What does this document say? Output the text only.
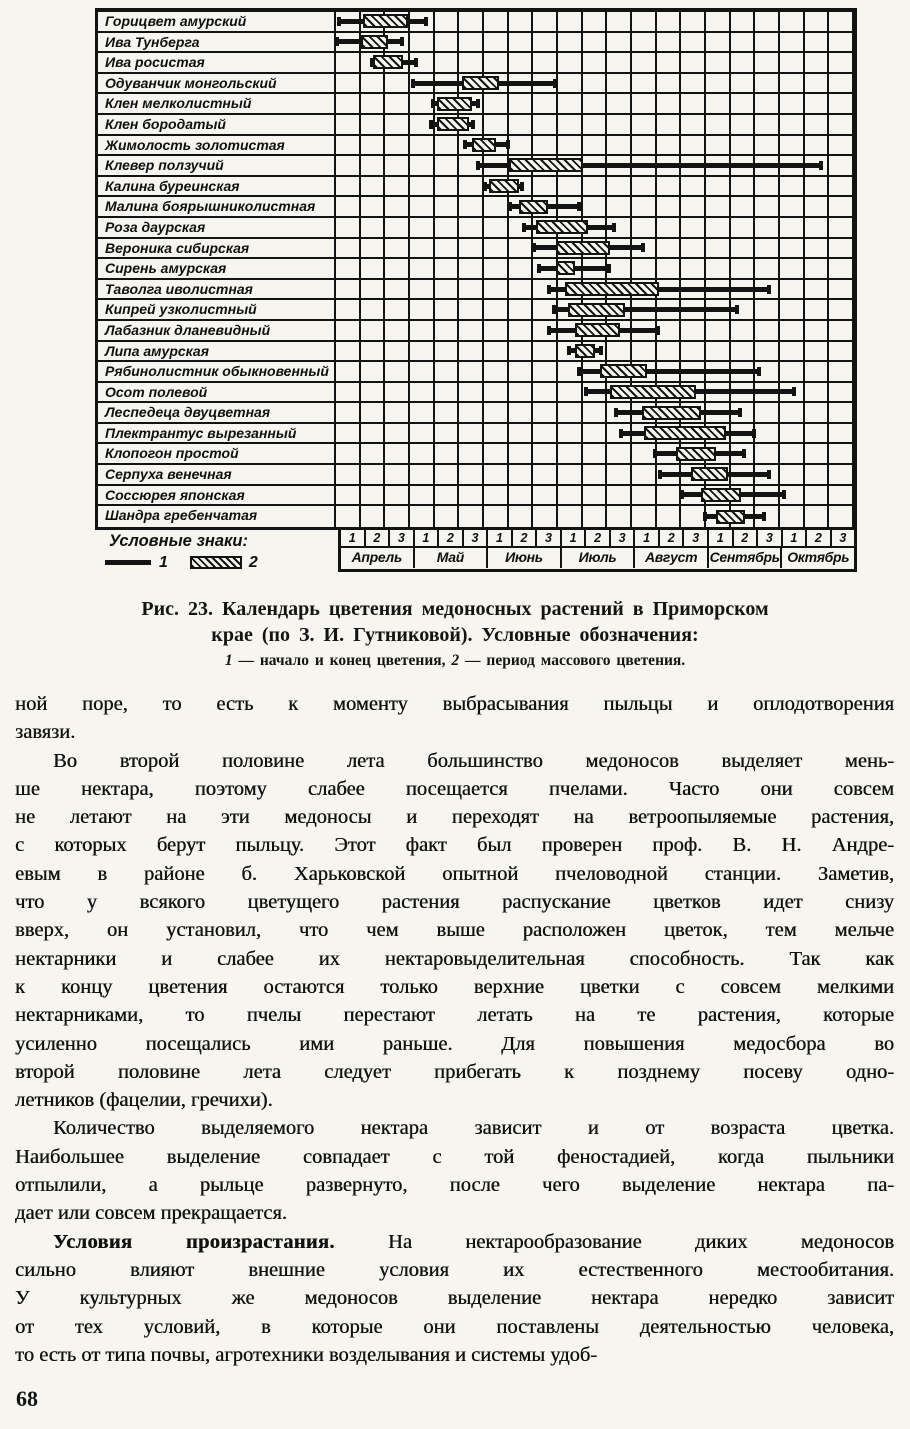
Горицвет амурский
Ива Тунберга
Ива росистая
Одуванчик монгольский
Клен мелколистный
Клен бородатый
Жимолость золотистая
Клевер ползучий
Калина буреинская
Малина боярышниколистная
Роза даурская
Вероника сибирская
Сирень амурская
Таволга иволистная
Кипрей узколистный
Лабазник дланевидный
Липа амурская
Рябинолистник обыкновенный
Осот полевой
Леспедеца двуцветная
Плектрантус вырезанный
Клопогон простой
Серпуха венечная
Соссюрея японская
Шандра гребенчатая
Условные знаки:
1	2
1	2	3	1	2	3	1	2	3	1	2	3	1	2	3	1	2	3	1	2	3
Апрель	Май	Июнь	Июль	Август Сентябрь Октябрь
Рис. 23. Календарь цветения медоносных растений в Приморском
крае (по З. И. Гутниковой). Условные обозначения:
1 — начало и конец цветения, 2 — период массового цветения.
ной поре, то есть к моменту выбрасывания пыльцы и оплодотворения
завязи.
Во второй половине лета большинство медоносов выделяет мень-
ше нектара, поэтому слабее посещается пчелами. Часто они совсем
не летают на эти медоносы и переходят на ветроопыляемые растения,
с которых берут пыльцу. Этот факт был проверен проф. В. Н. Андре-
евым в районе б. Харьковской опытной пчеловодной станции. Заметив,
что у всякого цветущего растения распускание цветков идет снизу
вверх, он установил, что чем выше расположен цветок, тем мельче
нектарники и слабее их нектаровыделительная способность. Так как
к концу цветения остаются только верхние цветки с совсем мелкими
нектарниками, то пчелы перестают летать на те растения, которые
усиленно посещались ими раньше. Для повышения медосбора во
второй половине лета следует прибегать к позднему посеву одно-
летников (фацелии, гречихи).
Количество выделяемого нектара зависит и от возраста цветка.
Наибольшее выделение совпадает с той феностадией, когда пыльники
отпылили, а рыльце развернуто, после чего выделение нектара па-
дает или совсем прекращается.
Условия произрастания. На нектарообразование диких медоносов
сильно влияют внешние условия их естественного местообитания.
У культурных же медоносов выделение нектара нередко зависит
от тех условий, в которые они поставлены деятельностью человека,
то есть от типа почвы, агротехники возделывания и системы удоб-
68
